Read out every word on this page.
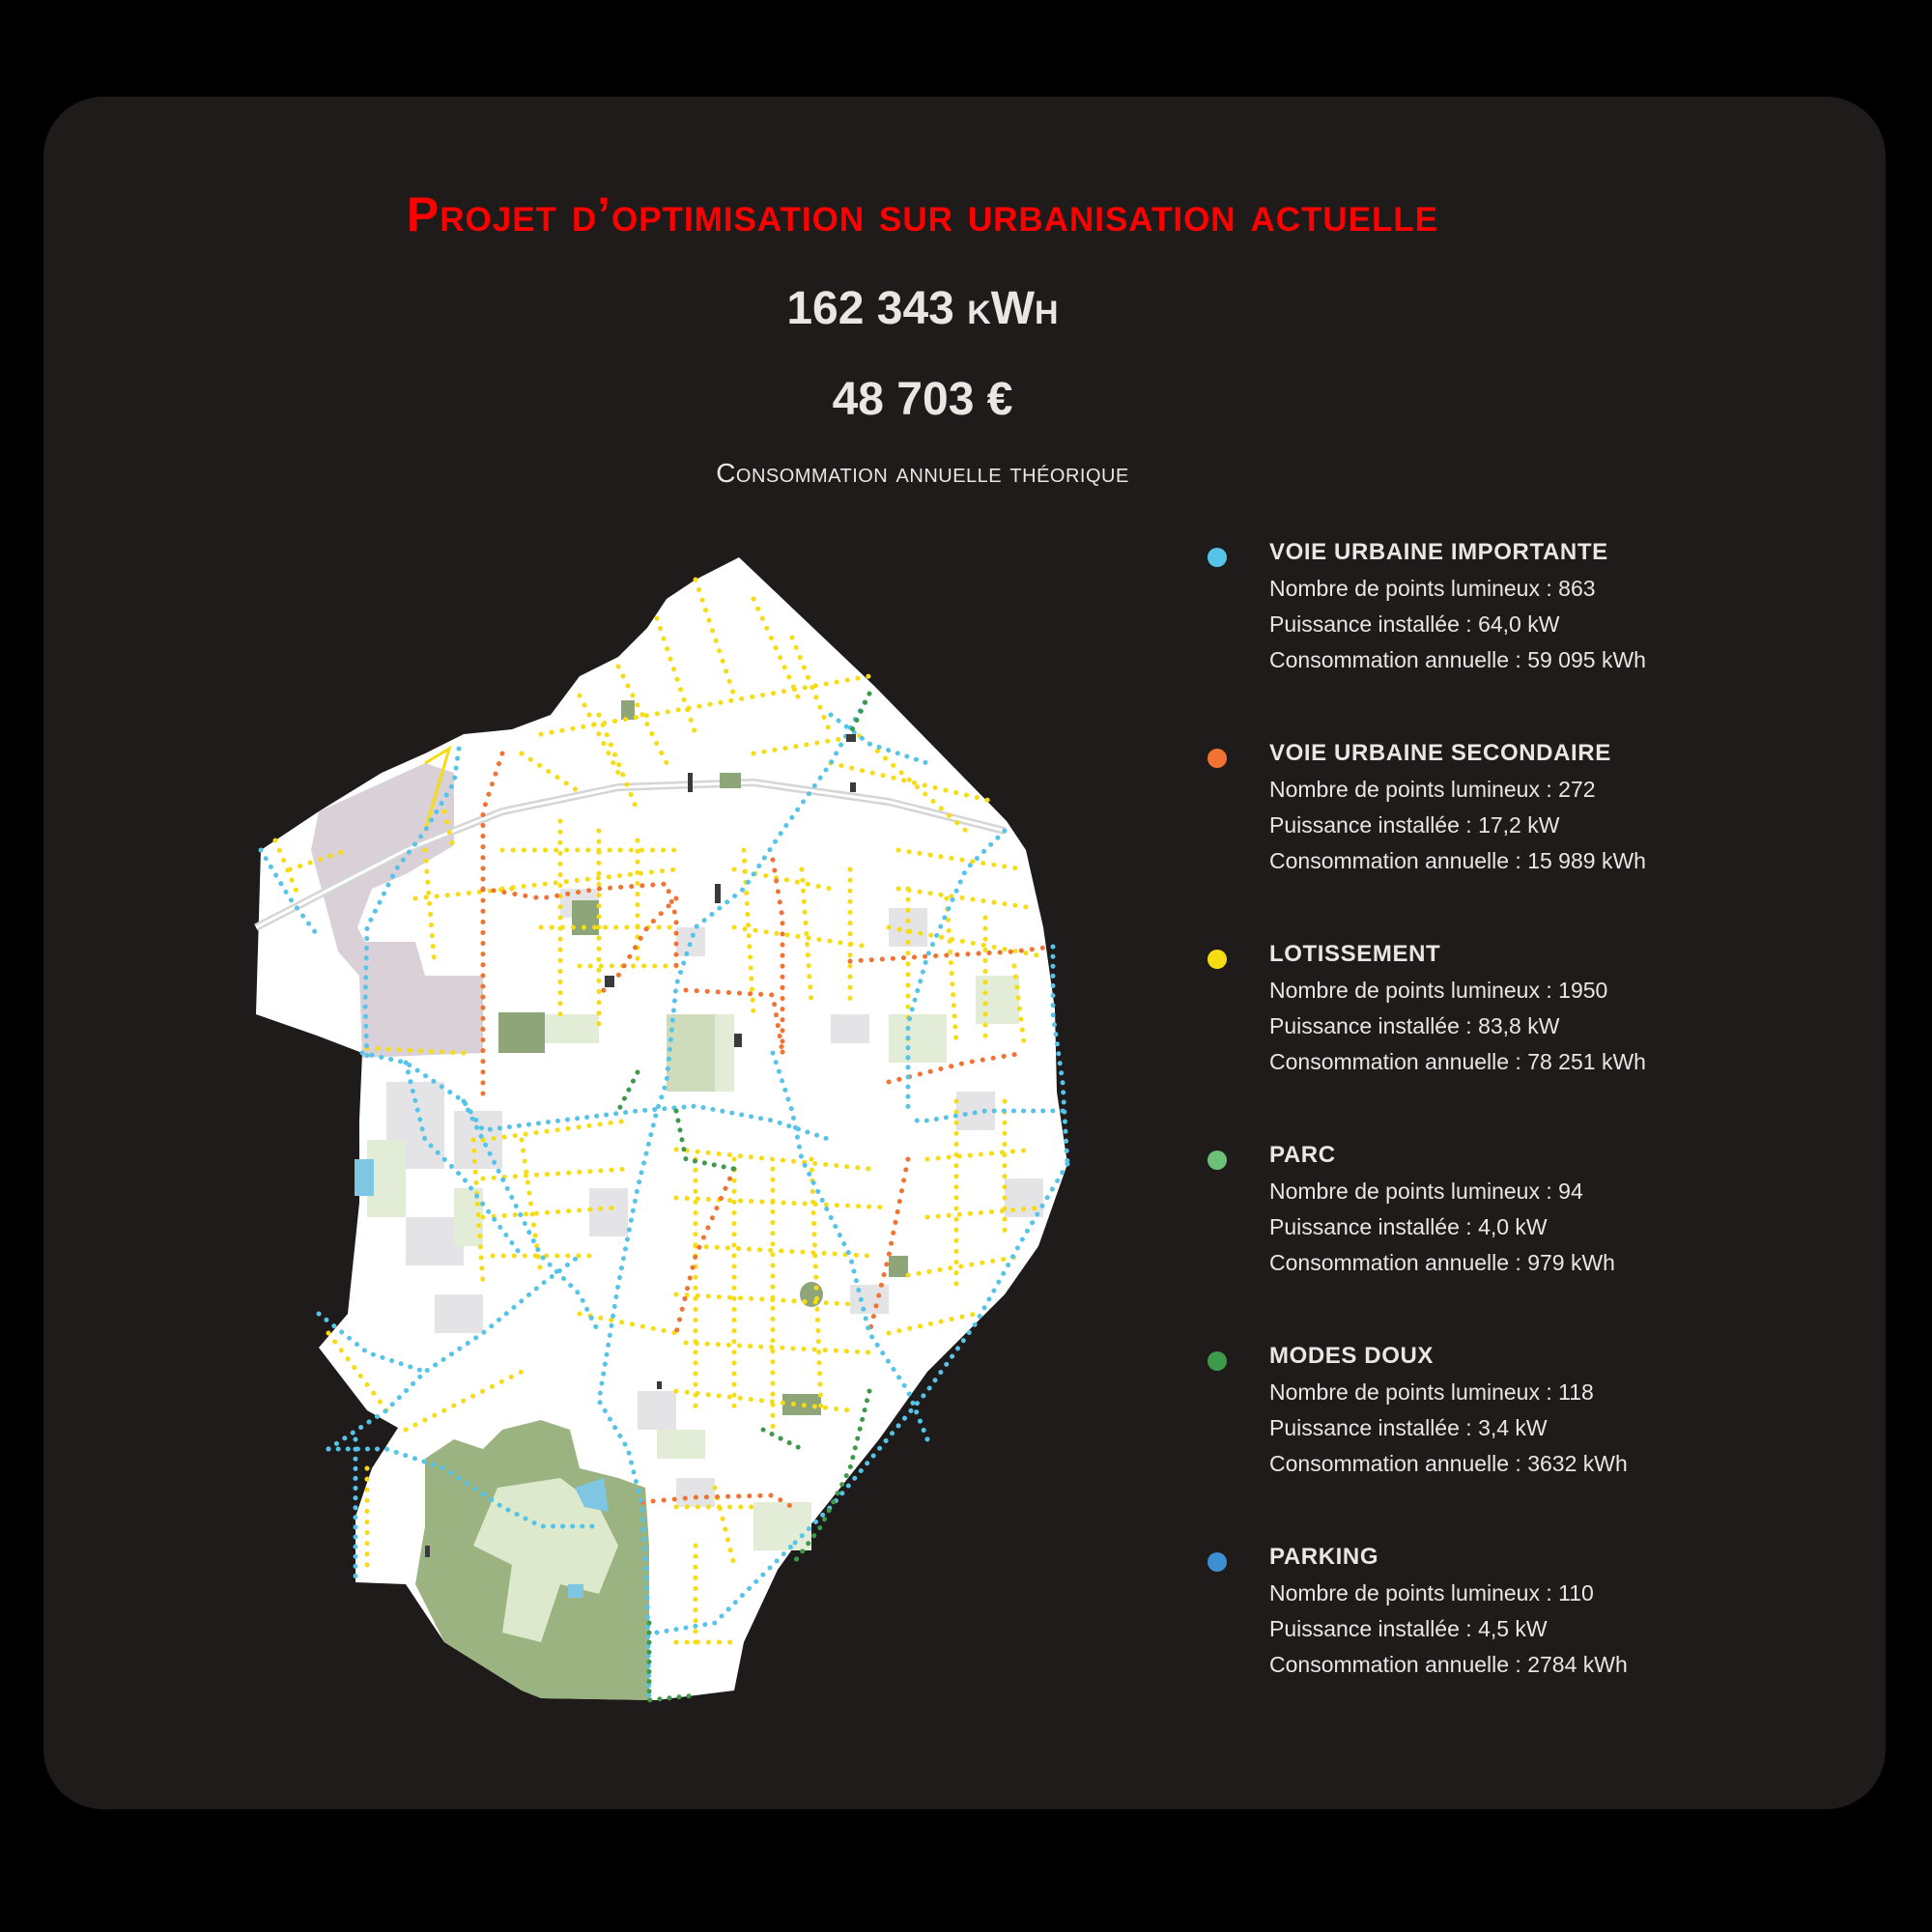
Projet d’optimisation sur urbanisation actuelle
162 343 kWh
48 703 €
Consommation annuelle théorique
VOIE URBAINE IMPORTANTE
Nombre de points lumineux : 863
Puissance installée : 64,0 kW
Consommation annuelle : 59 095 kWh
VOIE URBAINE SECONDAIRE
Nombre de points lumineux : 272
Puissance installée : 17,2 kW
Consommation annuelle : 15 989 kWh
LOTISSEMENT
Nombre de points lumineux : 1950
Puissance installée : 83,8 kW
Consommation annuelle : 78 251 kWh
PARC
Nombre de points lumineux : 94
Puissance installée : 4,0 kW
Consommation annuelle : 979 kWh
MODES DOUX
Nombre de points lumineux : 118
Puissance installée : 3,4 kW
Consommation annuelle : 3632 kWh
PARKING
Nombre de points lumineux : 110
Puissance installée : 4,5 kW
Consommation annuelle : 2784 kWh
